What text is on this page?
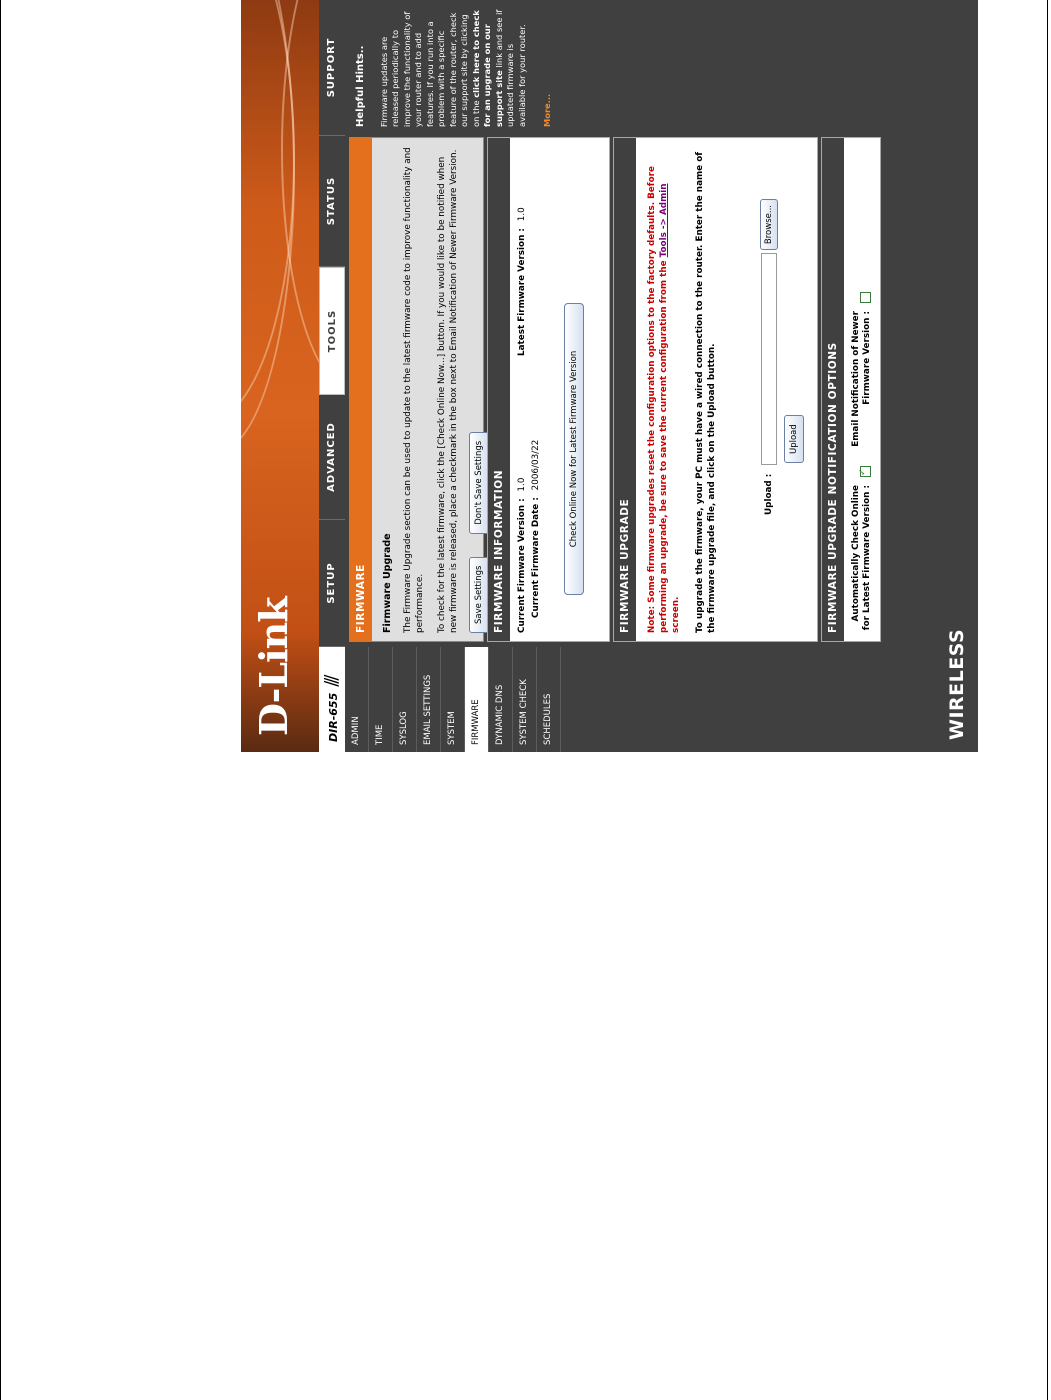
D-Link	DIR-655///
SETUP
ADVANCED
TOOLS
STATUS
SUPPORT
ADMIN	TIME	SYSLOG	EMAIL SETTINGS	SYSTEM	FIRMWARE	DYNAMIC DNS	SYSTEM CHECK	SCHEDULES
FIRMWARE	Firmware Upgrade The Firmware Upgrade section can be used to update to the latest firmware code to improve functionality and performance. To check for the latest firmware, click the [Check Online Now...] button. If you would like to be notified when new firmware is released, place a checkmark in the box next to Email Notification of Newer Firmware Version.	Save Settings Don't Save Settings FIRMWARE INFORMATION	Current Firmware Version : 1.0
Current Firmware Date : 2006/03/22
Latest Firmware Version : 1.0
Check Online Now for Latest Firmware Version
FIRMWARE UPGRADE	Note: Some firmware upgrades reset the configuration options to the factory defaults. Before performing an upgrade, be sure to save the current configuration from the Tools -> Admin screen. To upgrade the firmware, your PC must have a wired connection to the router. Enter the name of the firmware upgrade file, and click on the Upload button.	Upload :  Browse...
Upload	FIRMWARE UPGRADE NOTIFICATION OPTIONS	Automatically Check Online for Latest Firmware Version :
✓
Email Notification of Newer Firmware Version :
Helpful Hints.. Firmware updates are released periodically to improve the functionality of your router and to add features. If you run into a problem with a specific feature of the router, check our support site by clicking on the click here to check for an upgrade on our support site link and see if updated firmware is available for your router. More...
WIRELESS
